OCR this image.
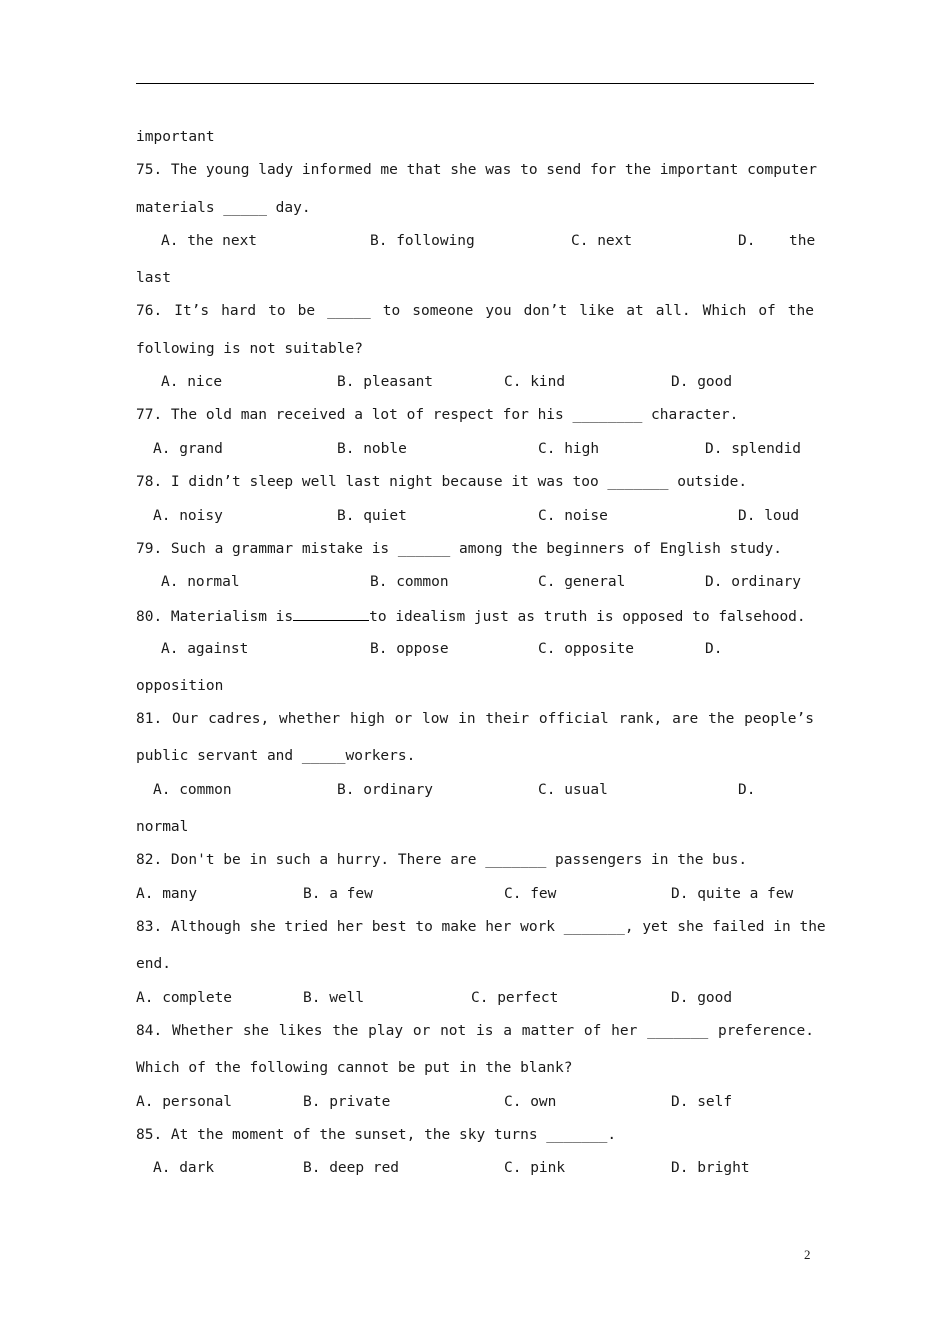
important
75. The young lady informed me that she was to send for the important computer
materials _____ day.
A. the next	B. following	C. next	D. the
last
76. It’s hard to be _____ to someone you don’t like at all. Which of the
following is not suitable?
A. nice	B. pleasant	C. kind	D. good
77. The old man received a lot of respect for his ________ character.
A. grand	B. noble	C. high	D. splendid
78. I didn’t sleep well last night because it was too _______ outside.
A. noisy	B. quiet	C. noise	D. loud
79. Such a grammar mistake is ______ among the beginners of English study.
A. normal	B. common	C. general	D. ordinary
80. Materialism is	to idealism just as truth is opposed to falsehood.
A. against	B. oppose	C. opposite	D.
opposition
81. Our cadres, whether high or low in their official rank, are the people’s
public servant and _____workers.
A. common	B. ordinary	C. usual	D.
normal
82. Don't be in such a hurry. There are _______ passengers in the bus.
A. many	B. a few	C. few	D. quite a few
83. Although she tried her best to make her work _______, yet she failed in the
end.
A. complete	B. well	C. perfect	D. good
84. Whether she likes the play or not is a matter of her _______ preference.
Which of the following cannot be put in the blank?
A. personal	B. private	C. own	D. self
85. At the moment of the sunset, the sky turns _______.
A. dark	B. deep red	C. pink	D. bright
2
